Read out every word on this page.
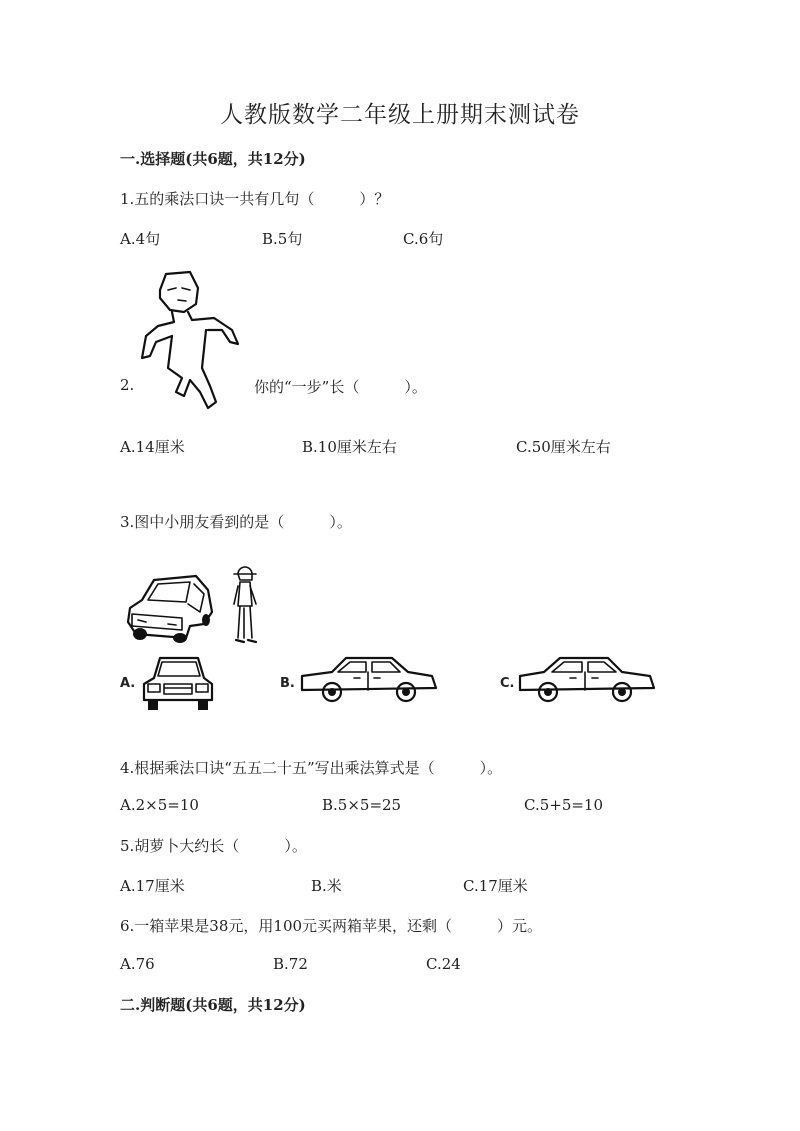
人教版数学二年级上册期末测试卷
一.选择题(共6题，共12分)
1.五的乘法口诀一共有几句（　　　）？
A.4句	B.5句	C.6句
2.	你的“一步”长（　　　）。
A.14厘米	B.10厘米左右	C.50厘米左右
3.图中小朋友看到的是（　　　）。
A.	B.	C.
4.根据乘法口诀“五五二十五”写出乘法算式是（　　　）。
A.2×5=10	B.5×5=25	C.5+5=10
5.胡萝卜大约长（　　　）。
A.17厘米	B.米	C.17厘米
6.一箱苹果是38元，用100元买两箱苹果，还剩（　　　）元。
A.76	B.72	C.24
二.判断题(共6题，共12分)
